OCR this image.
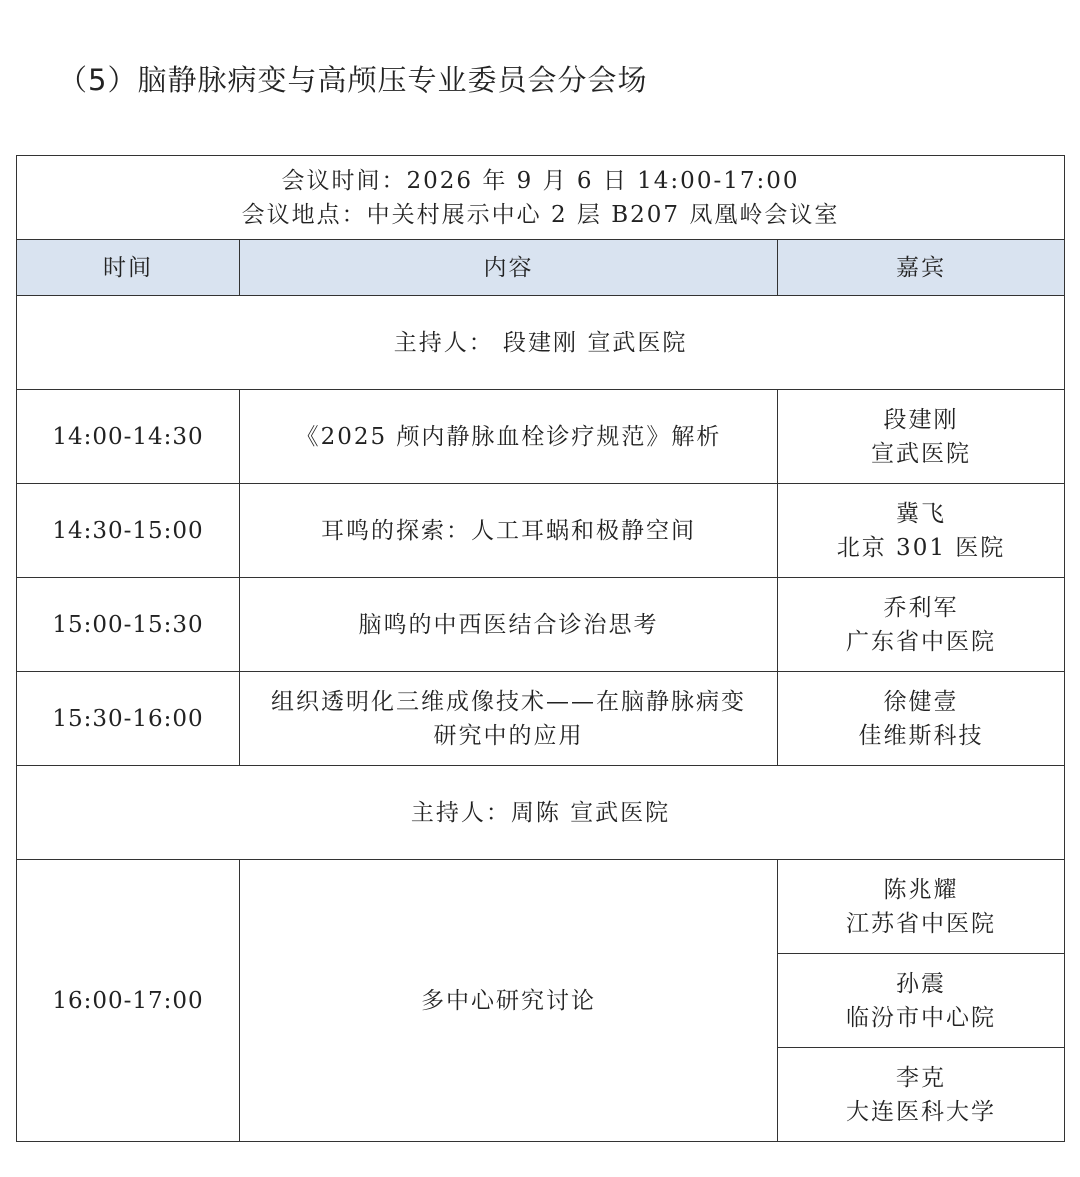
（5）脑静脉病变与高颅压专业委员会分会场
会议时间：2026 年 9 月 6 日 14:00-17:00
会议地点：中关村展示中心 2 层 B207 凤凰岭会议室		

时间	内容	嘉宾
主持人： 段建刚 宣武医院		
14:00-14:30	《2025 颅内静脉血栓诊疗规范》解析	段建刚
宣武医院

14:30-15:00	耳鸣的探索：人工耳蜗和极静空间	冀飞
北京 301 医院

15:00-15:30	脑鸣的中西医结合诊治思考	乔利军
广东省中医院

15:30-16:00	组织透明化三维成像技术——在脑静脉病变
研究中的应用	徐健壹
佳维斯科技

主持人：周陈 宣武医院		
16:00-17:00	多中心研究讨论	陈兆耀
江苏省中医院

		孙震
临汾市中心院

		李克
大连医科大学
